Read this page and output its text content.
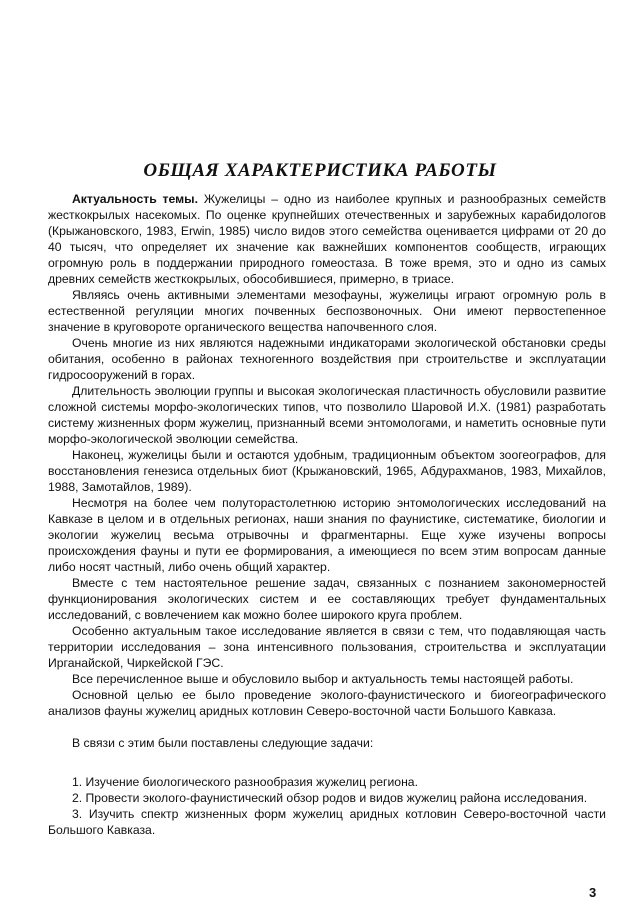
ОБЩАЯ ХАРАКТЕРИСТИКА РАБОТЫ

Актуальность темы. Жужелицы – одно из наиболее крупных и разнообразных семейств жесткокрылых насекомых. По оценке крупнейших отечественных и зарубежных карабидологов (Крыжановского, 1983, Erwin, 1985) число видов этого семейства оценивается цифрами от 20 до 40 тысяч, что определяет их значение как важнейших компонентов сообществ, играющих огромную роль в поддержании природного гомеостаза. В тоже время, это и одно из самых древних семейств жесткокрылых, обособившиеся, примерно, в триасе.

Являясь очень активными элементами мезофауны, жужелицы играют огромную роль в естественной регуляции многих почвенных беспозвоночных. Они имеют первостепенное значение в круговороте органического вещества напочвенного слоя.

Очень многие из них являются надежными индикаторами экологической обстановки среды обитания, особенно в районах техногенного воздействия при строительстве и эксплуатации гидросооружений в горах.

Длительность эволюции группы и высокая экологическая пластичность обусловили развитие сложной системы морфо-экологических типов, что позволило Шаровой И.Х. (1981) разработать систему жизненных форм жужелиц, признанный всеми энтомологами, и наметить основные пути морфо-экологической эволюции семейства.

Наконец, жужелицы были и остаются удобным, традиционным объектом зоогеографов, для восстановления генезиса отдельных биот (Крыжановский, 1965, Абдурахманов, 1983, Михайлов, 1988, Замотайлов, 1989).

Несмотря на более чем полуторастолетнюю историю энтомологических исследований на Кавказе в целом и в отдельных регионах, наши знания по фаунистике, систематике, биологии и экологии жужелиц весьма отрывочны и фрагментарны. Еще хуже изучены вопросы происхождения фауны и пути ее формирования, а имеющиеся по всем этим вопросам данные либо носят частный, либо очень общий характер.

Вместе с тем настоятельное решение задач, связанных с познанием закономерностей функционирования экологических систем и ее составляющих требует фундаментальных исследований, с вовлечением как можно более широкого круга проблем.

Особенно актуальным такое исследование является в связи с тем, что подавляющая часть территории исследования – зона интенсивного пользования, строительства и эксплуатации Ирганайской, Чиркейской ГЭС.

Все перечисленное выше и обусловило выбор и актуальность темы настоящей работы.

Основной целью ее было проведение эколого-фаунистического и биогеографического анализов фауны жужелиц аридных котловин Северо-восточной части Большого Кавказа.

В связи с этим были поставлены следующие задачи:

1. Изучение биологического разнообразия жужелиц региона.

2. Провести эколого-фаунистический обзор родов и видов жужелиц района исследования.

3. Изучить спектр жизненных форм жужелиц аридных котловин Северо-восточной части Большого Кавказа.

3
